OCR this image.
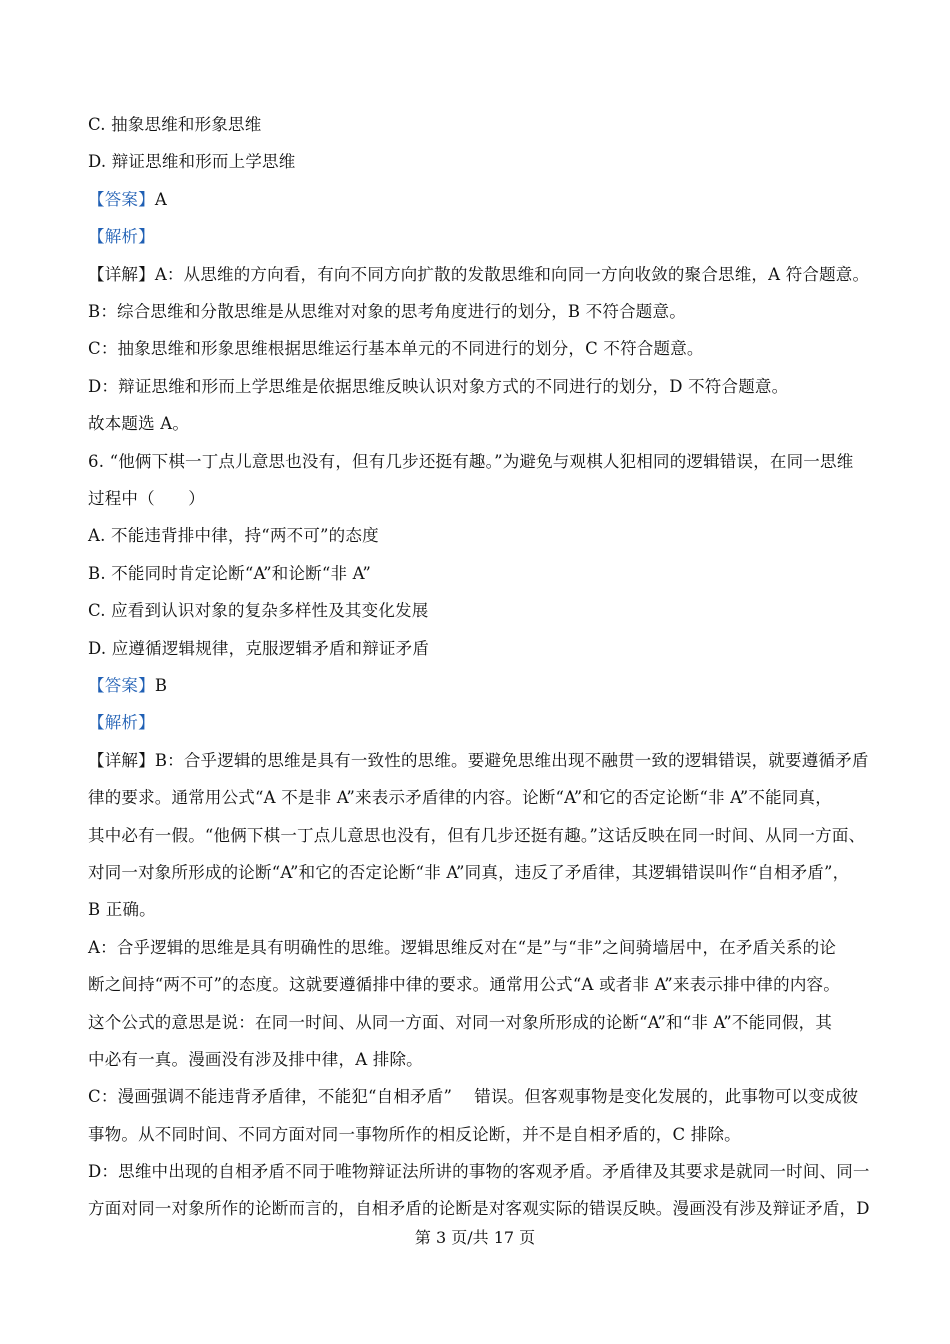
C. 抽象思维和形象思维
D. 辩证思维和形而上学思维
【答案】A
【解析】
【详解】A：从思维的方向看，有向不同方向扩散的发散思维和向同一方向收敛的聚合思维，A 符合题意。
B：综合思维和分散思维是从思维对对象的思考角度进行的划分，B 不符合题意。
C：抽象思维和形象思维根据思维运行基本单元的不同进行的划分，C 不符合题意。
D：辩证思维和形而上学思维是依据思维反映认识对象方式的不同进行的划分，D 不符合题意。
故本题选 A。
6. “他俩下棋一丁点儿意思也没有，但有几步还挺有趣。”为避免与观棋人犯相同的逻辑错误，在同一思维
过程中（　　）
A. 不能违背排中律，持“两不可”的态度
B. 不能同时肯定论断“A”和论断“非 A”
C. 应看到认识对象的复杂多样性及其变化发展
D. 应遵循逻辑规律，克服逻辑矛盾和辩证矛盾
【答案】B
【解析】
【详解】B：合乎逻辑的思维是具有一致性的思维。要避免思维出现不融贯一致的逻辑错误，就要遵循矛盾
律的要求。通常用公式“A 不是非 A”来表示矛盾律的内容。论断“A”和它的否定论断“非 A”不能同真，
其中必有一假。“他俩下棋一丁点儿意思也没有，但有几步还挺有趣。”这话反映在同一时间、从同一方面、
对同一对象所形成的论断“A”和它的否定论断“非 A”同真，违反了矛盾律，其逻辑错误叫作“自相矛盾”，
B 正确。
A：合乎逻辑的思维是具有明确性的思维。逻辑思维反对在“是”与“非”之间骑墙居中，在矛盾关系的论
断之间持“两不可”的态度。这就要遵循排中律的要求。通常用公式“A 或者非 A”来表示排中律的内容。
这个公式的意思是说：在同一时间、从同一方面、对同一对象所形成的论断“A”和“非 A”不能同假，其
中必有一真。漫画没有涉及排中律，A 排除。
C：漫画强调不能违背矛盾律，不能犯“自相矛盾”　 错误。但客观事物是变化发展的，此事物可以变成彼
事物。从不同时间、不同方面对同一事物所作的相反论断，并不是自相矛盾的，C 排除。
D：思维中出现的自相矛盾不同于唯物辩证法所讲的事物的客观矛盾。矛盾律及其要求是就同一时间、同一
方面对同一对象所作的论断而言的，自相矛盾的论断是对客观实际的错误反映。漫画没有涉及辩证矛盾，D
第 3 页/共 17 页
